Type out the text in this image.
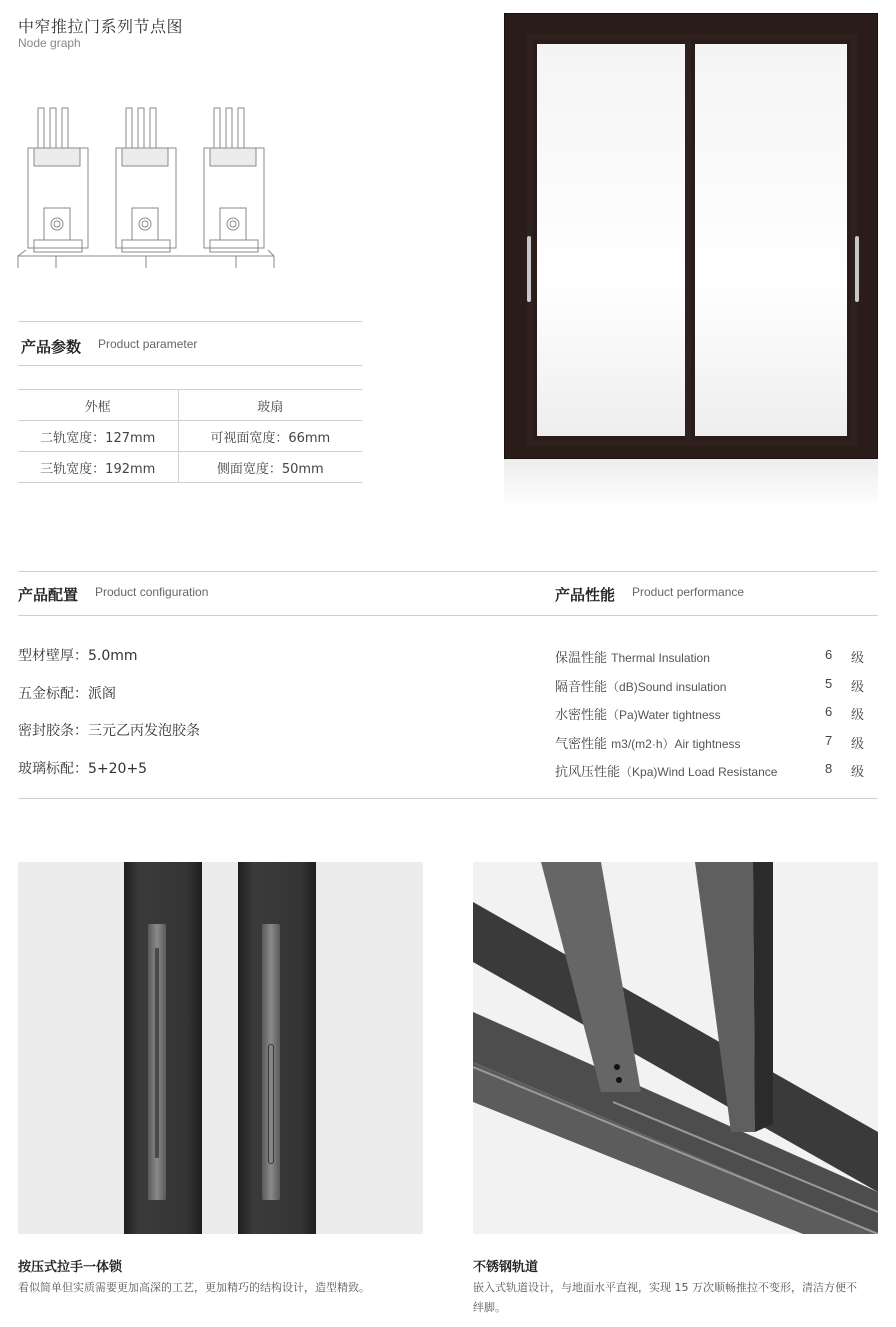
中窄推拉门系列节点图
Node graph
产品参数 Product parameter
外框	玻扇
二轨宽度：127mm	可视面宽度：66mm
三轨宽度：192mm	侧面宽度：50mm
产品配置 Product configuration	产品性能 Product performance
型材壁厚：5.0mm
五金标配：派阁
密封胶条：三元乙丙发泡胶条
玻璃标配：5+20+5
保温性能 Thermal Insulation	6 级
隔音性能（dB)Sound insulation	5 级
水密性能（Pa)Water tightness	6 级
气密性能 m3/(m2·h）Air tightness	7 级
抗风压性能（Kpa)Wind Load Resistance	8 级
按压式拉手一体锁
看似简单但实质需要更加高深的工艺，更加精巧的结构设计，造型精致。
不锈钢轨道
嵌入式轨道设计，与地面水平直视，实现 15 万次顺畅推拉不变形，清洁方便不
绊脚。
